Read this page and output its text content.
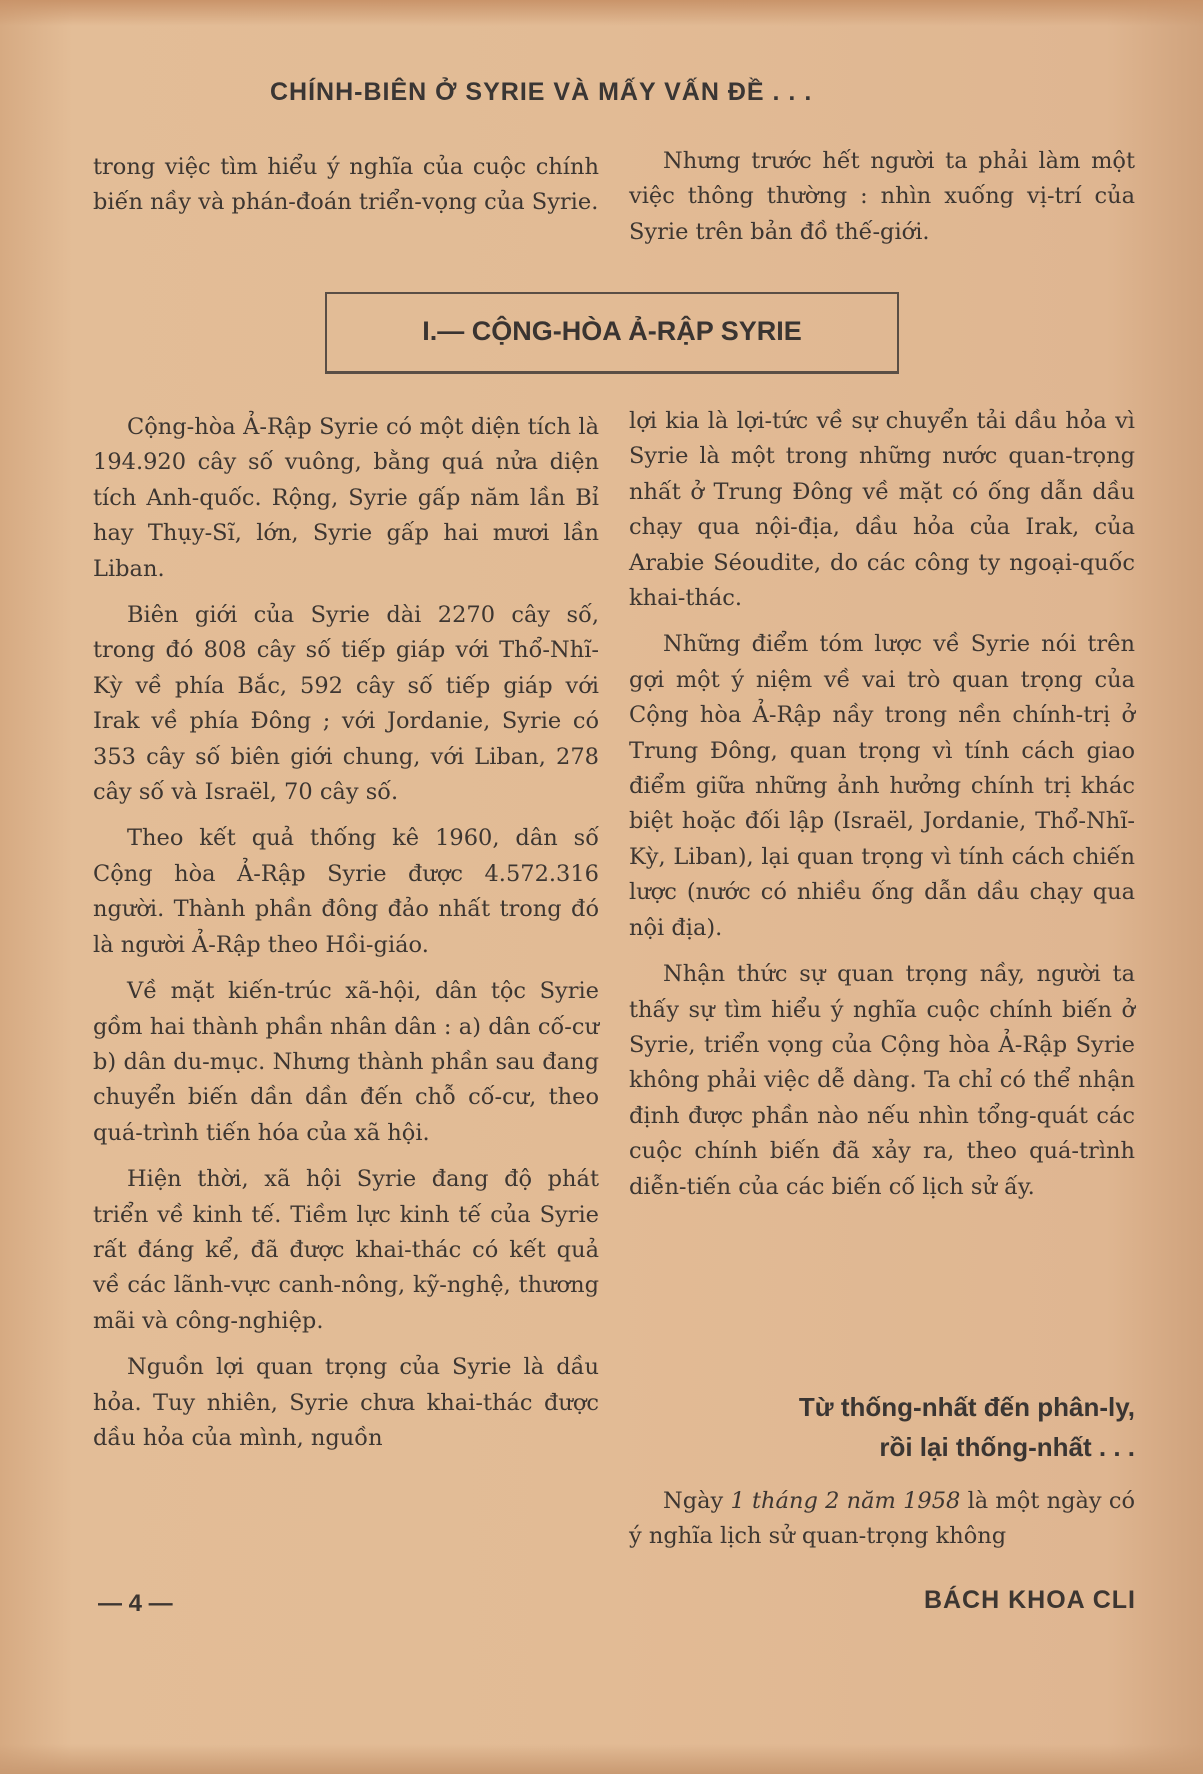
CHÍNH-BIÊN Ở SYRIE VÀ MẤY VẤN ĐỀ . . .

trong việc tìm hiểu ý nghĩa của cuộc chính biến nầy và phán-đoán triển-vọng của Syrie.

Nhưng trước hết người ta phải làm một việc thông thường : nhìn xuống vị-trí của Syrie trên bản đồ thế-giới.

I.— CỘNG-HÒA Ả-RẬP SYRIE

Cộng-hòa Ả-Rập Syrie có một diện tích là 194.920 cây số vuông, bằng quá nửa diện tích Anh-quốc. Rộng, Syrie gấp năm lần Bỉ hay Thụy-Sĩ, lớn, Syrie gấp hai mươi lần Liban.

Biên giới của Syrie dài 2270 cây số, trong đó 808 cây số tiếp giáp với Thổ-Nhĩ-Kỳ về phía Bắc, 592 cây số tiếp giáp với Irak về phía Đông ; với Jordanie, Syrie có 353 cây số biên giới chung, với Liban, 278 cây số và Israël, 70 cây số.

Theo kết quả thống kê 1960, dân số Cộng hòa Ả-Rập Syrie được 4.572.316 người. Thành phần đông đảo nhất trong đó là người Ả-Rập theo Hồi-giáo.

Về mặt kiến-trúc xã-hội, dân tộc Syrie gồm hai thành phần nhân dân : a) dân cố-cư b) dân du-mục. Nhưng thành phần sau đang chuyển biến dần dần đến chỗ cố-cư, theo quá-trình tiến hóa của xã hội.

Hiện thời, xã hội Syrie đang độ phát triển về kinh tế. Tiềm lực kinh tế của Syrie rất đáng kể, đã được khai-thác có kết quả về các lãnh-vực canh-nông, kỹ-nghệ, thương mãi và công-nghiệp.

Nguồn lợi quan trọng của Syrie là dầu hỏa. Tuy nhiên, Syrie chưa khai-thác được dầu hỏa của mình, nguồn

lợi kia là lợi-tức về sự chuyển tải dầu hỏa vì Syrie là một trong những nước quan-trọng nhất ở Trung Đông về mặt có ống dẫn dầu chạy qua nội-địa, dầu hỏa của Irak, của Arabie Séoudite, do các công ty ngoại-quốc khai-thác.

Những điểm tóm lược về Syrie nói trên gợi một ý niệm về vai trò quan trọng của Cộng hòa Ả-Rập nầy trong nền chính-trị ở Trung Đông, quan trọng vì tính cách giao điểm giữa những ảnh hưởng chính trị khác biệt hoặc đối lập (Israël, Jordanie, Thổ-Nhĩ-Kỳ, Liban), lại quan trọng vì tính cách chiến lược (nước có nhiều ống dẫn dầu chạy qua nội địa).

Nhận thức sự quan trọng nầy, người ta thấy sự tìm hiểu ý nghĩa cuộc chính biến ở Syrie, triển vọng của Cộng hòa Ả-Rập Syrie không phải việc dễ dàng. Ta chỉ có thể nhận định được phần nào nếu nhìn tổng-quát các cuộc chính biến đã xảy ra, theo quá-trình diễn-tiến của các biến cố lịch sử ấy.

Từ thống-nhất đến phân-ly,
rồi lại thống-nhất . . .

Ngày 1 tháng 2 năm 1958 là một ngày có ý nghĩa lịch sử quan-trọng không

— 4 —	BÁCH KHOA CLI
